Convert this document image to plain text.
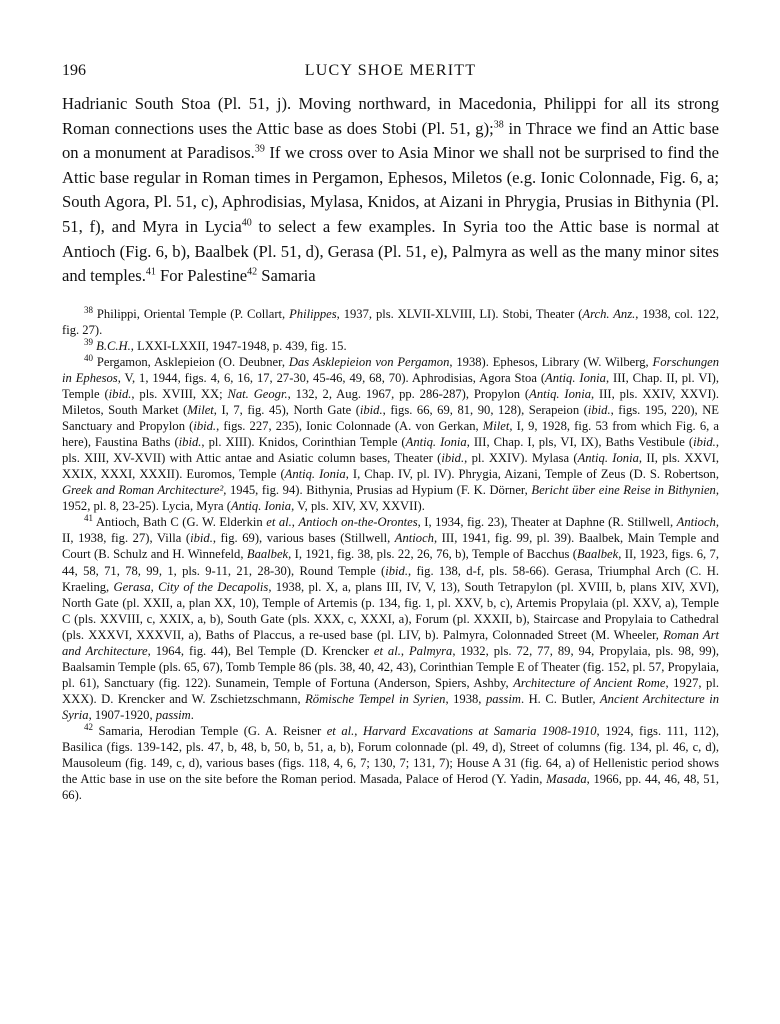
196	LUCY SHOE MERITT

Hadrianic South Stoa (Pl. 51, j). Moving northward, in Macedonia, Philippi for all its strong Roman connections uses the Attic base as does Stobi (Pl. 51, g);$^{38}$ in Thrace we find an Attic base on a monument at Paradisos.$^{39}$ If we cross over to Asia Minor we shall not be surprised to find the Attic base regular in Roman times in Pergamon, Ephesos, Miletos (e.g. Ionic Colonnade, Fig. 6, a; South Agora, Pl. 51, c), Aphrodisias, Mylasa, Knidos, at Aizani in Phrygia, Prusias in Bithynia (Pl. 51, f), and Myra in Lycia$^{40}$ to select a few examples. In Syria too the Attic base is normal at Antioch (Fig. 6, b), Baalbek (Pl. 51, d), Gerasa (Pl. 51, e), Palmyra as well as the many minor sites and temples.$^{41}$ For Palestine$^{42}$ Samaria

$^{38}$ Philippi, Oriental Temple (P. Collart, Philippes, 1937, pls. XLVII-XLVIII, LI). Stobi, Theater (Arch. Anz., 1938, col. 122, fig. 27).

$^{39}$ B.C.H., LXXI-LXXII, 1947-1948, p. 439, fig. 15.

$^{40}$ Pergamon, Asklepieion (O. Deubner, Das Asklepieion von Pergamon, 1938). Ephesos, Library (W. Wilberg, Forschungen in Ephesos, V, 1, 1944, figs. 4, 6, 16, 17, 27-30, 45-46, 49, 68, 70). Aphrodisias, Agora Stoa (Antiq. Ionia, III, Chap. II, pl. VI), Temple (ibid., pls. XVIII, XX; Nat. Geogr., 132, 2, Aug. 1967, pp. 286-287), Propylon (Antiq. Ionia, III, pls. XXIV, XXVI). Miletos, South Market (Milet, I, 7, fig. 45), North Gate (ibid., figs. 66, 69, 81, 90, 128), Serapeion (ibid., figs. 195, 220), NE Sanctuary and Propylon (ibid., figs. 227, 235), Ionic Colonnade (A. von Gerkan, Milet, I, 9, 1928, fig. 53 from which Fig. 6, a here), Faustina Baths (ibid., pl. XIII). Knidos, Corinthian Temple (Antiq. Ionia, III, Chap. I, pls, VI, IX), Baths Vestibule (ibid., pls. XIII, XV-XVII) with Attic antae and Asiatic column bases, Theater (ibid., pl. XXIV). Mylasa (Antiq. Ionia, II, pls. XXVI, XXIX, XXXI, XXXII). Euromos, Temple (Antiq. Ionia, I, Chap. IV, pl. IV). Phrygia, Aizani, Temple of Zeus (D. S. Robertson, Greek and Roman Architecture², 1945, fig. 94). Bithynia, Prusias ad Hypium (F. K. Dörner, Bericht über eine Reise in Bithynien, 1952, pl. 8, 23-25). Lycia, Myra (Antiq. Ionia, V, pls. XIV, XV, XXVII).

$^{41}$ Antioch, Bath C (G. W. Elderkin et al., Antioch on-the-Orontes, I, 1934, fig. 23), Theater at Daphne (R. Stillwell, Antioch, II, 1938, fig. 27), Villa (ibid., fig. 69), various bases (Stillwell, Antioch, III, 1941, fig. 99, pl. 39). Baalbek, Main Temple and Court (B. Schulz and H. Winnefeld, Baalbek, I, 1921, fig. 38, pls. 22, 26, 76, b), Temple of Bacchus (Baalbek, II, 1923, figs. 6, 7, 44, 58, 71, 78, 99, 1, pls. 9-11, 21, 28-30), Round Temple (ibid., fig. 138, d-f, pls. 58-66). Gerasa, Triumphal Arch (C. H. Kraeling, Gerasa, City of the Decapolis, 1938, pl. X, a, plans III, IV, V, 13), South Tetrapylon (pl. XVIII, b, plans XIV, XVI), North Gate (pl. XXII, a, plan XX, 10), Temple of Artemis (p. 134, fig. 1, pl. XXV, b, c), Artemis Propylaia (pl. XXV, a), Temple C (pls. XXVIII, c, XXIX, a, b), South Gate (pls. XXX, c, XXXI, a), Forum (pl. XXXII, b), Staircase and Propylaia to Cathedral (pls. XXXVI, XXXVII, a), Baths of Placcus, a re-used base (pl. LIV, b). Palmyra, Colonnaded Street (M. Wheeler, Roman Art and Architecture, 1964, fig. 44), Bel Temple (D. Krencker et al., Palmyra, 1932, pls. 72, 77, 89, 94, Propylaia, pls. 98, 99), Baalsamin Temple (pls. 65, 67), Tomb Temple 86 (pls. 38, 40, 42, 43), Corinthian Temple E of Theater (fig. 152, pl. 57, Propylaia, pl. 61), Sanctuary (fig. 122). Sunamein, Temple of Fortuna (Anderson, Spiers, Ashby, Architecture of Ancient Rome, 1927, pl. XXX). D. Krencker and W. Zschietzschmann, Römische Tempel in Syrien, 1938, passim. H. C. Butler, Ancient Architecture in Syria, 1907-1920, passim.

$^{42}$ Samaria, Herodian Temple (G. A. Reisner et al., Harvard Excavations at Samaria 1908-1910, 1924, figs. 111, 112), Basilica (figs. 139-142, pls. 47, b, 48, b, 50, b, 51, a, b), Forum colonnade (pl. 49, d), Street of columns (fig. 134, pl. 46, c, d), Mausoleum (fig. 149, c, d), various bases (figs. 118, 4, 6, 7; 130, 7; 131, 7); House A 31 (fig. 64, a) of Hellenistic period shows the Attic base in use on the site before the Roman period. Masada, Palace of Herod (Y. Yadin, Masada, 1966, pp. 44, 46, 48, 51, 66).
